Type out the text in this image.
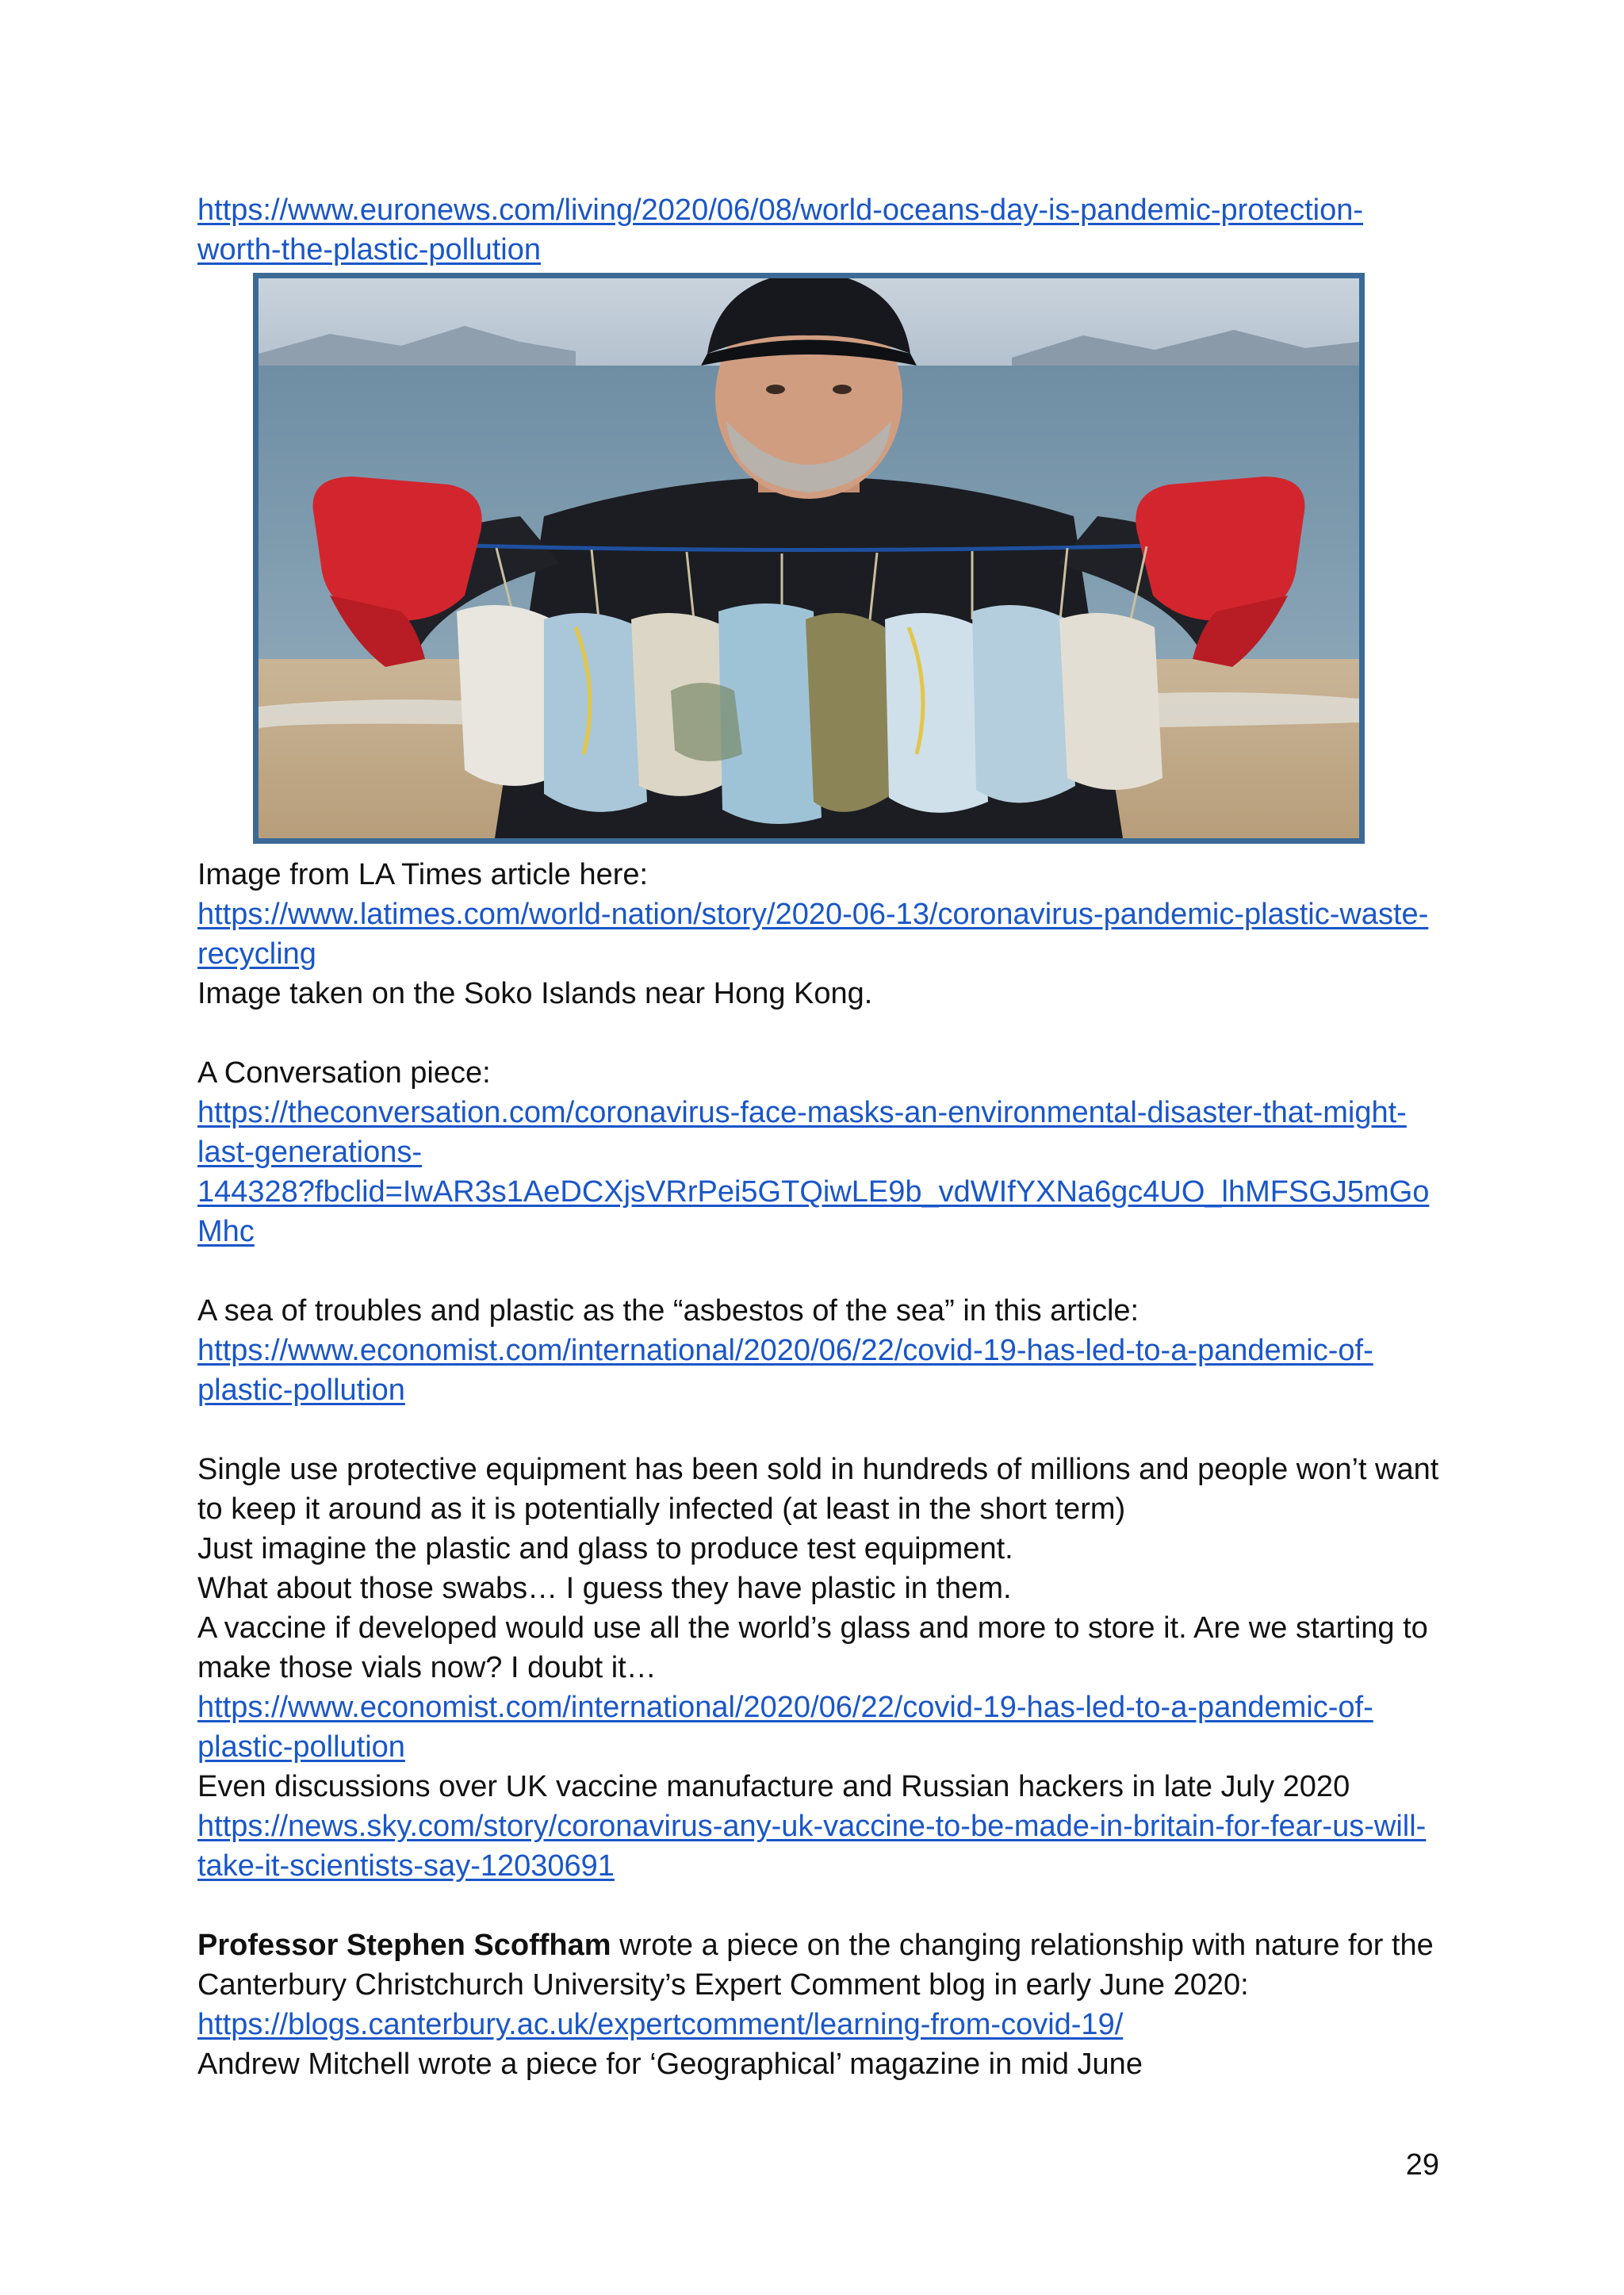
https://www.euronews.com/living/2020/06/08/world-oceans-day-is-pandemic-protection-
worth-the-plastic-pollution
Image from LA Times article here:
https://www.latimes.com/world-nation/story/2020-06-13/coronavirus-pandemic-plastic-waste-
recycling
Image taken on the Soko Islands near Hong Kong.
A Conversation piece:
https://theconversation.com/coronavirus-face-masks-an-environmental-disaster-that-might-
last-generations-
144328?fbclid=IwAR3s1AeDCXjsVRrPei5GTQiwLE9b_vdWIfYXNa6gc4UO_lhMFSGJ5mGo
Mhc
A sea of troubles and plastic as the “asbestos of the sea” in this article:
https://www.economist.com/international/2020/06/22/covid-19-has-led-to-a-pandemic-of-
plastic-pollution
Single use protective equipment has been sold in hundreds of millions and people won’t want
to keep it around as it is potentially infected (at least in the short term)
Just imagine the plastic and glass to produce test equipment.
What about those swabs… I guess they have plastic in them.
A vaccine if developed would use all the world’s glass and more to store it. Are we starting to
make those vials now? I doubt it…
https://www.economist.com/international/2020/06/22/covid-19-has-led-to-a-pandemic-of-
plastic-pollution
Even discussions over UK vaccine manufacture and Russian hackers in late July 2020
https://news.sky.com/story/coronavirus-any-uk-vaccine-to-be-made-in-britain-for-fear-us-will-
take-it-scientists-say-12030691
Professor Stephen Scoffham wrote a piece on the changing relationship with nature for the
Canterbury Christchurch University’s Expert Comment blog in early June 2020:
https://blogs.canterbury.ac.uk/expertcomment/learning-from-covid-19/
Andrew Mitchell wrote a piece for ‘Geographical’ magazine in mid June
29
